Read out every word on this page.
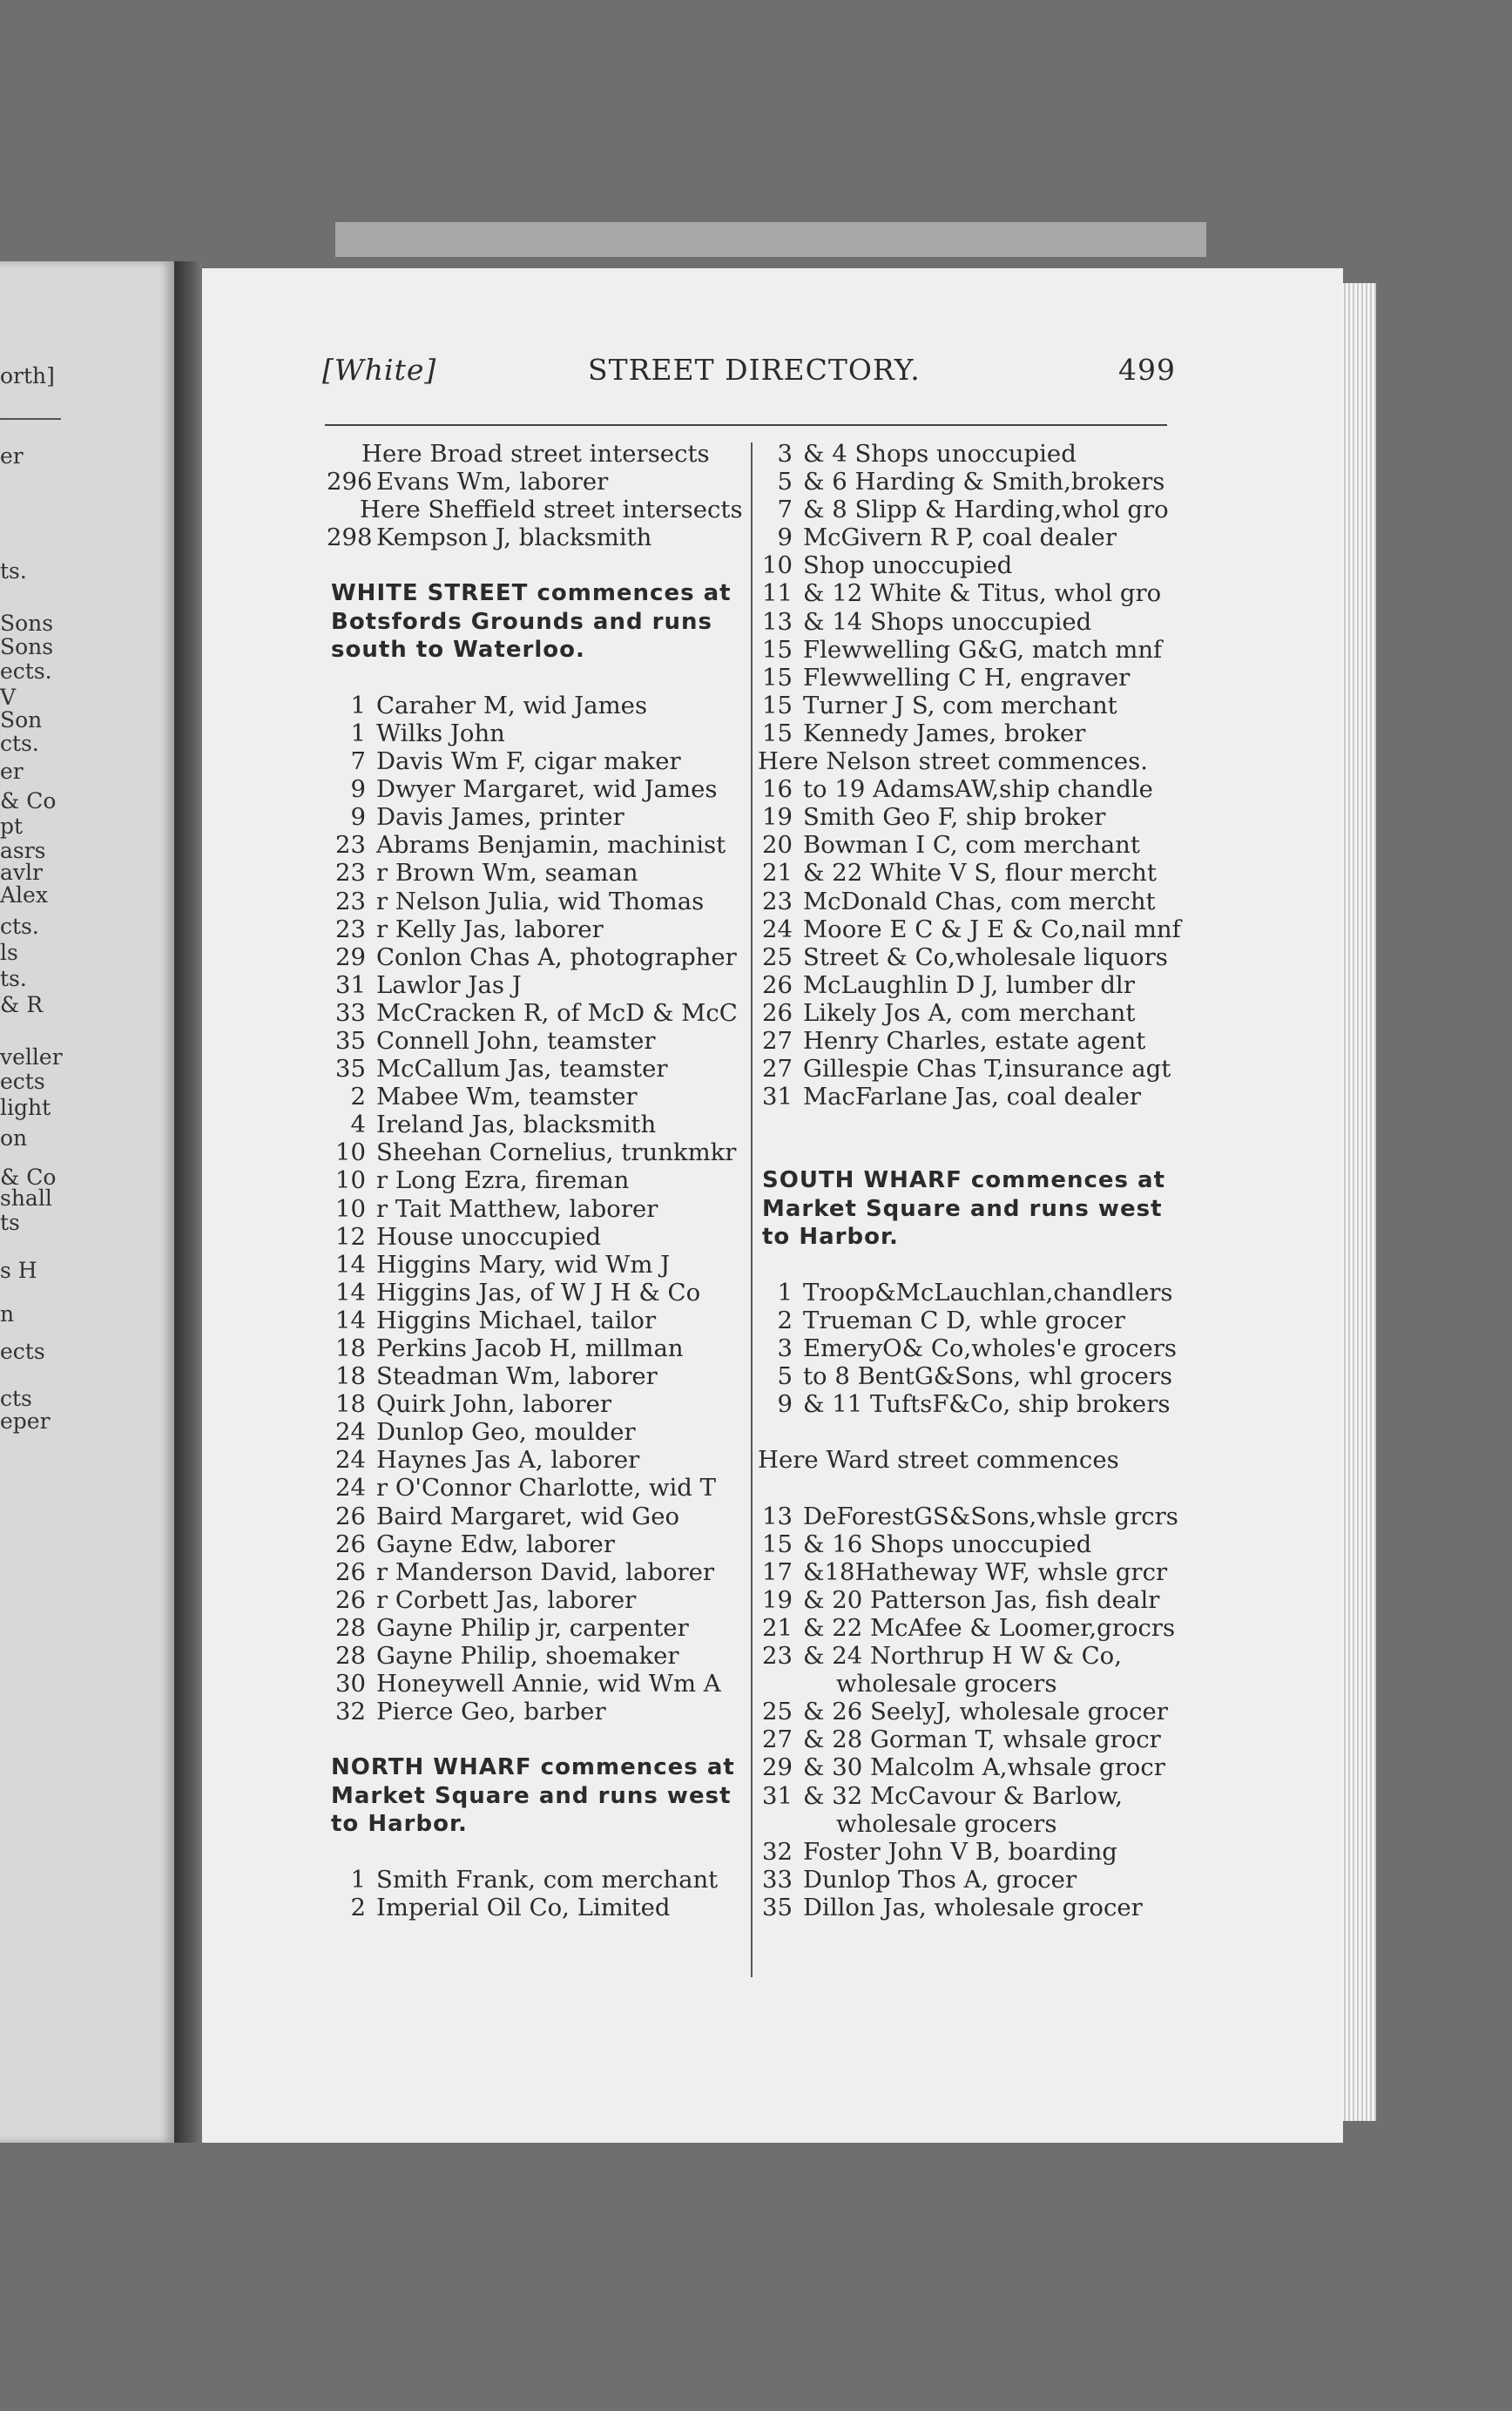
orth]
er
ts.
Sons
Sons
ects.
V
Son
cts.
er
& Co
pt
asrs
avlr
Alex
cts.
ls
ts.
& R
veller
ects
light
on
& Co
shall
ts
s H
n
ects
cts
eper
[White]	STREET DIRECTORY.	499
Here Broad street intersects
296 Evans Wm, laborer
Here Sheffield street intersects
298 Kempson J, blacksmith
WHITE STREET commences at
Botsfords Grounds and runs
south to Waterloo.
1 Caraher M, wid James
1 Wilks John
7 Davis Wm F, cigar maker
9 Dwyer Margaret, wid James
9 Davis James, printer
23 Abrams Benjamin, machinist
23 r Brown Wm, seaman
23 r Nelson Julia, wid Thomas
23 r Kelly Jas, laborer
29 Conlon Chas A, photographer
31 Lawlor Jas J
33 McCracken R, of McD & McC
35 Connell John, teamster
35 McCallum Jas, teamster
2 Mabee Wm, teamster
4 Ireland Jas, blacksmith
10 Sheehan Cornelius, trunkmkr
10 r Long Ezra, fireman
10 r Tait Matthew, laborer
12 House unoccupied
14 Higgins Mary, wid Wm J
14 Higgins Jas, of W J H & Co
14 Higgins Michael, tailor
18 Perkins Jacob H, millman
18 Steadman Wm, laborer
18 Quirk John, laborer
24 Dunlop Geo, moulder
24 Haynes Jas A, laborer
24 r O'Connor Charlotte, wid T
26 Baird Margaret, wid Geo
26 Gayne Edw, laborer
26 r Manderson David, laborer
26 r Corbett Jas, laborer
28 Gayne Philip jr, carpenter
28 Gayne Philip, shoemaker
30 Honeywell Annie, wid Wm A
32 Pierce Geo, barber
NORTH WHARF commences at
Market Square and runs west
to Harbor.
1 Smith Frank, com merchant
2 Imperial Oil Co, Limited
3 & 4 Shops unoccupied
5 & 6 Harding & Smith,brokers
7 & 8 Slipp & Harding,whol gro
9 McGivern R P, coal dealer
10 Shop unoccupied
11 & 12 White & Titus, whol gro
13 & 14 Shops unoccupied
15 Flewwelling G&G, match mnf
15 Flewwelling C H, engraver
15 Turner J S, com merchant
15 Kennedy James, broker
Here Nelson street commences.
16 to 19 AdamsAW,ship chandle
19 Smith Geo F, ship broker
20 Bowman I C, com merchant
21 & 22 White V S, flour mercht
23 McDonald Chas, com mercht
24 Moore E C & J E & Co,nail mnf
25 Street & Co,wholesale liquors
26 McLaughlin D J, lumber dlr
26 Likely Jos A, com merchant
27 Henry Charles, estate agent
27 Gillespie Chas T,insurance agt
31 MacFarlane Jas, coal dealer
SOUTH WHARF commences at
Market Square and runs west
to Harbor.
1 Troop&McLauchlan,chandlers
2 Trueman C D, whle grocer
3 EmeryO& Co,wholes'e grocers
5 to 8 BentG&Sons, whl grocers
9 & 11 TuftsF&Co, ship brokers
Here Ward street commences
13 DeForestGS&Sons,whsle grcrs
15 & 16 Shops unoccupied
17 &18Hatheway WF, whsle grcr
19 & 20 Patterson Jas, fish dealr
21 & 22 McAfee & Loomer,grocrs
23 & 24 Northrup H W & Co,
wholesale grocers
25 & 26 SeelyJ, wholesale grocer
27 & 28 Gorman T, whsale grocr
29 & 30 Malcolm A,whsale grocr
31 & 32 McCavour & Barlow,
wholesale grocers
32 Foster John V B, boarding
33 Dunlop Thos A, grocer
35 Dillon Jas, wholesale grocer
